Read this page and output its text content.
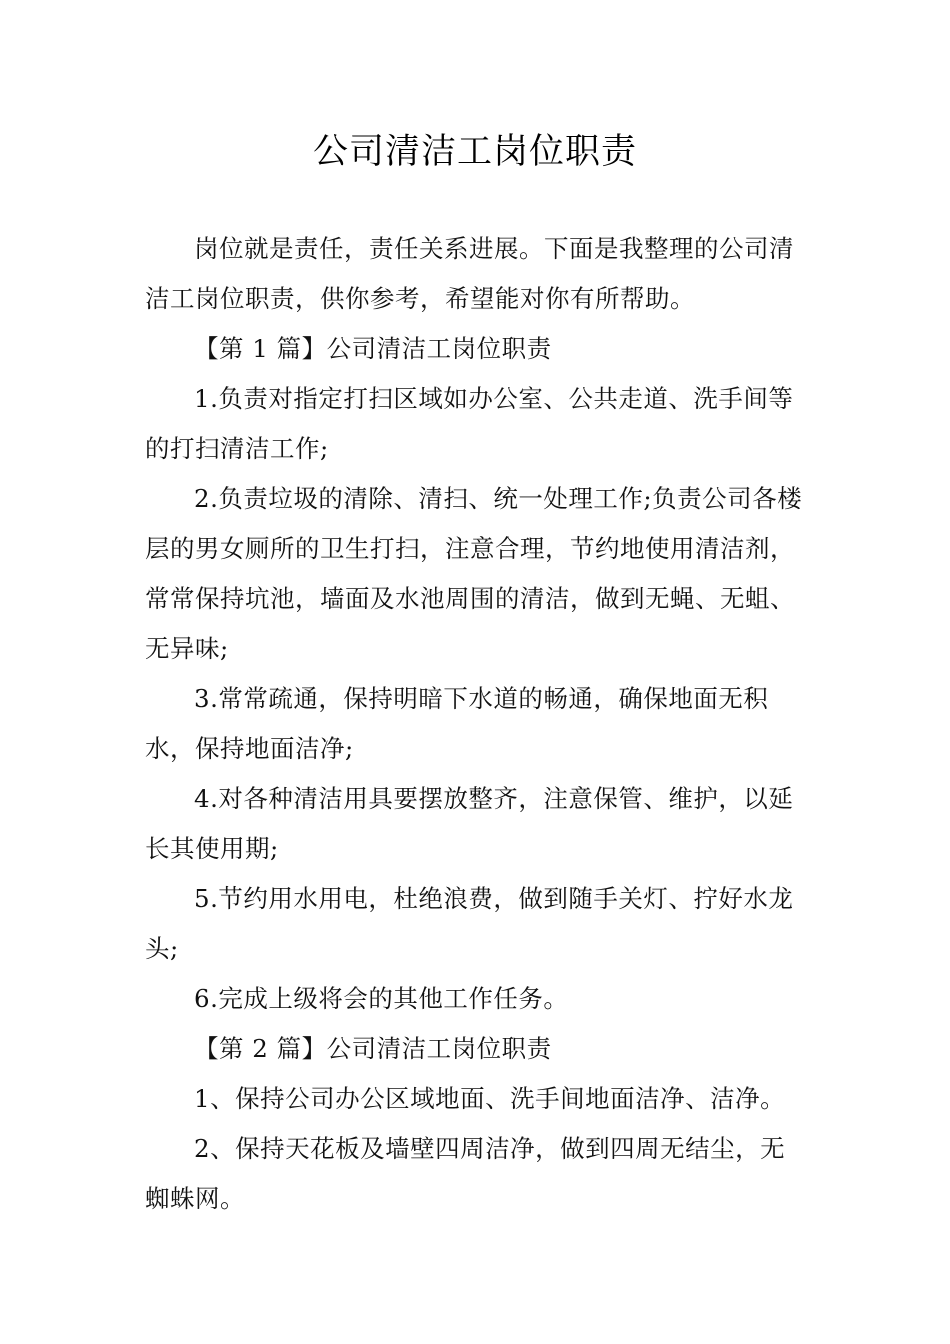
公司清洁工岗位职责

岗位就是责任，责任关系进展。下面是我整理的公司清洁工岗位职责，供你参考，希望能对你有所帮助。

【第 1 篇】公司清洁工岗位职责

1.负责对指定打扫区域如办公室、公共走道、洗手间等的打扫清洁工作;

2.负责垃圾的清除、清扫、统一处理工作;负责公司各楼层的男女厕所的卫生打扫，注意合理，节约地使用清洁剂，常常保持坑池，墙面及水池周围的清洁，做到无蝇、无蛆、无异味;

3.常常疏通，保持明暗下水道的畅通，确保地面无积水，保持地面洁净;

4.对各种清洁用具要摆放整齐，注意保管、维护，以延长其使用期;

5.节约用水用电，杜绝浪费，做到随手关灯、拧好水龙头;

6.完成上级将会的其他工作任务。

【第 2 篇】公司清洁工岗位职责

1、保持公司办公区域地面、洗手间地面洁净、洁净。

2、保持天花板及墙壁四周洁净，做到四周无结尘，无蜘蛛网。
